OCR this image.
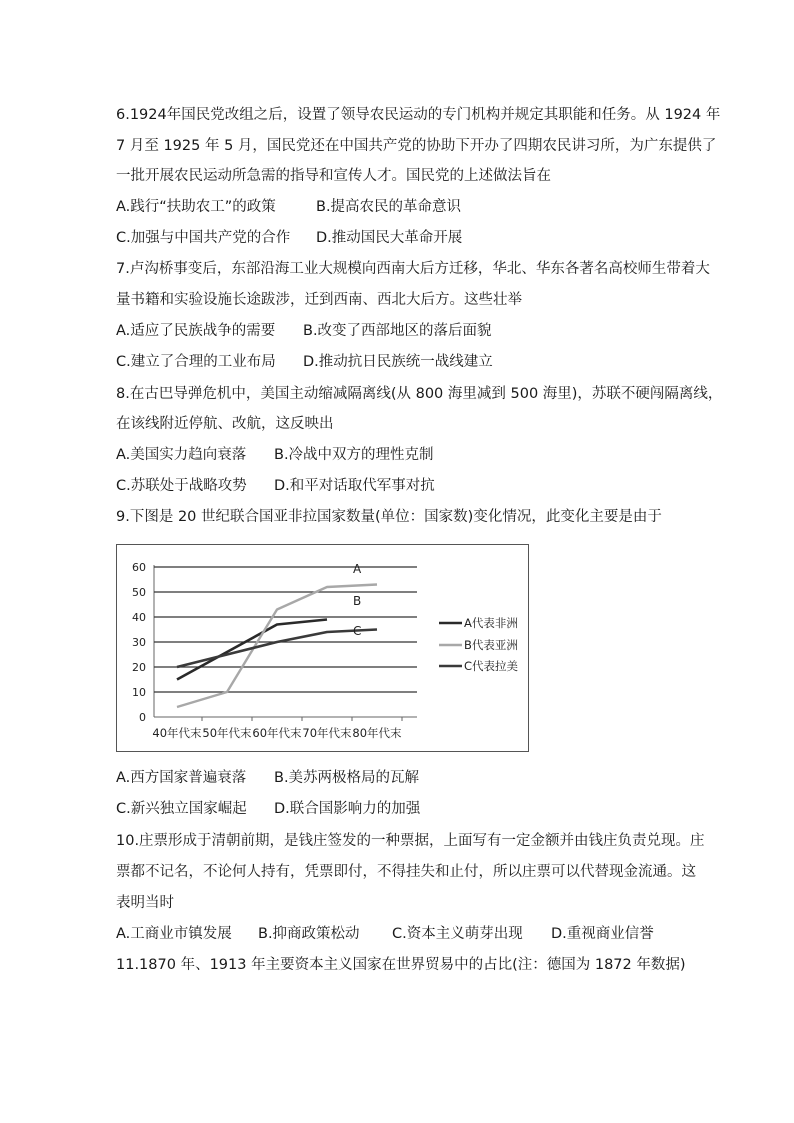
6.1924年国民党改组之后，设置了领导农民运动的专门机构并规定其职能和任务。从 1924 年
7 月至 1925 年 5 月，国民党还在中国共产党的协助下开办了四期农民讲习所，为广东提供了
一批开展农民运动所急需的指导和宣传人才。国民党的上述做法旨在
A.践行“扶助农工”的政策	B.提高农民的革命意识
C.加强与中国共产党的合作 D.推动国民大革命开展
7.卢沟桥事变后，东部沿海工业大规模向西南大后方迁移，华北、华东各著名高校师生带着大
量书籍和实验设施长途跋涉，迁到西南、西北大后方。这些壮举
A.适应了民族战争的需要 B.改变了西部地区的落后面貌
C.建立了合理的工业布局 D.推动抗日民族统一战线建立
8.在古巴导弹危机中，美国主动缩减隔离线(从 800 海里减到 500 海里)，苏联不硬闯隔离线，
在该线附近停航、改航，这反映出
A.美国实力趋向衰落 B.冷战中双方的理性克制
C.苏联处于战略攻势 D.和平对话取代军事对抗
9.下图是 20 世纪联合国亚非拉国家数量(单位：国家数)变化情况，此变化主要是由于
0
10
20
30
40
50
60
40年代末 50年代末 60年代末 70年代末 80年代末
A
B
C
A代表非洲
B代表亚洲
C代表拉美
A.西方国家普遍衰落 B.美苏两极格局的瓦解
C.新兴独立国家崛起 D.联合国影响力的加强
10.庄票形成于清朝前期，是钱庄签发的一种票据，上面写有一定金额并由钱庄负责兑现。庄
票都不记名，不论何人持有，凭票即付，不得挂失和止付，所以庄票可以代替现金流通。这
表明当时
A.工商业市镇发展 B.抑商政策松动 C.资本主义萌芽出现 D.重视商业信誉
11.1870 年、1913 年主要资本主义国家在世界贸易中的占比(注：德国为 1872 年数据)
